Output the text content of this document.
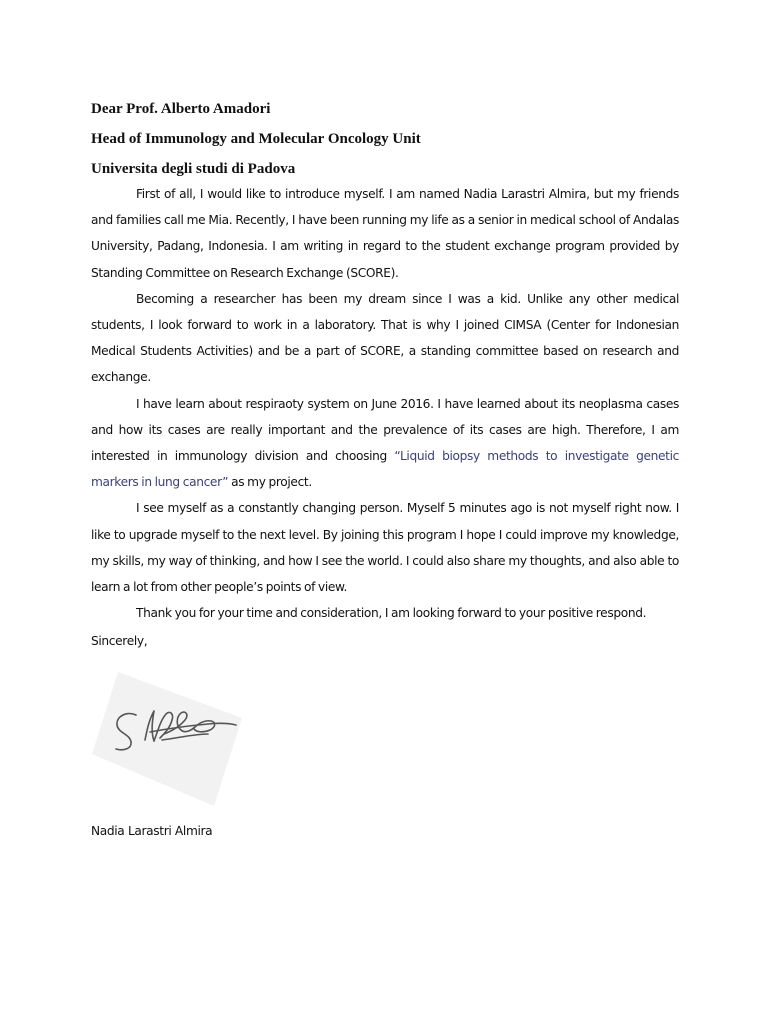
Dear Prof. Alberto Amadori
Head of Immunology and Molecular Oncology Unit
Universita degli studi di Padova

First of all, I would like to introduce myself. I am named Nadia Larastri Almira, but my friends and families call me Mia. Recently, I have been running my life as a senior in medical school of Andalas University, Padang, Indonesia. I am writing in regard to the student exchange program provided by Standing Committee on Research Exchange (SCORE).

Becoming a researcher has been my dream since I was a kid. Unlike any other medical students, I look forward to work in a laboratory. That is why I joined CIMSA (Center for Indonesian Medical Students Activities) and be a part of SCORE, a standing committee based on research and exchange.

I have learn about respiraoty system on June 2016. I have learned about its neoplasma cases and how its cases are really important and the prevalence of its cases are high. Therefore, I am interested in immunology division and choosing “Liquid biopsy methods to investigate genetic markers in lung cancer” as my project.

I see myself as a constantly changing person. Myself 5 minutes ago is not myself right now. I like to upgrade myself to the next level. By joining this program I hope I could improve my knowledge, my skills, my way of thinking, and how I see the world. I could also share my thoughts, and also able to learn a lot from other people’s points of view.

Thank you for your time and consideration, I am looking forward to your positive respond.

Sincerely,
Nadia Larastri Almira
